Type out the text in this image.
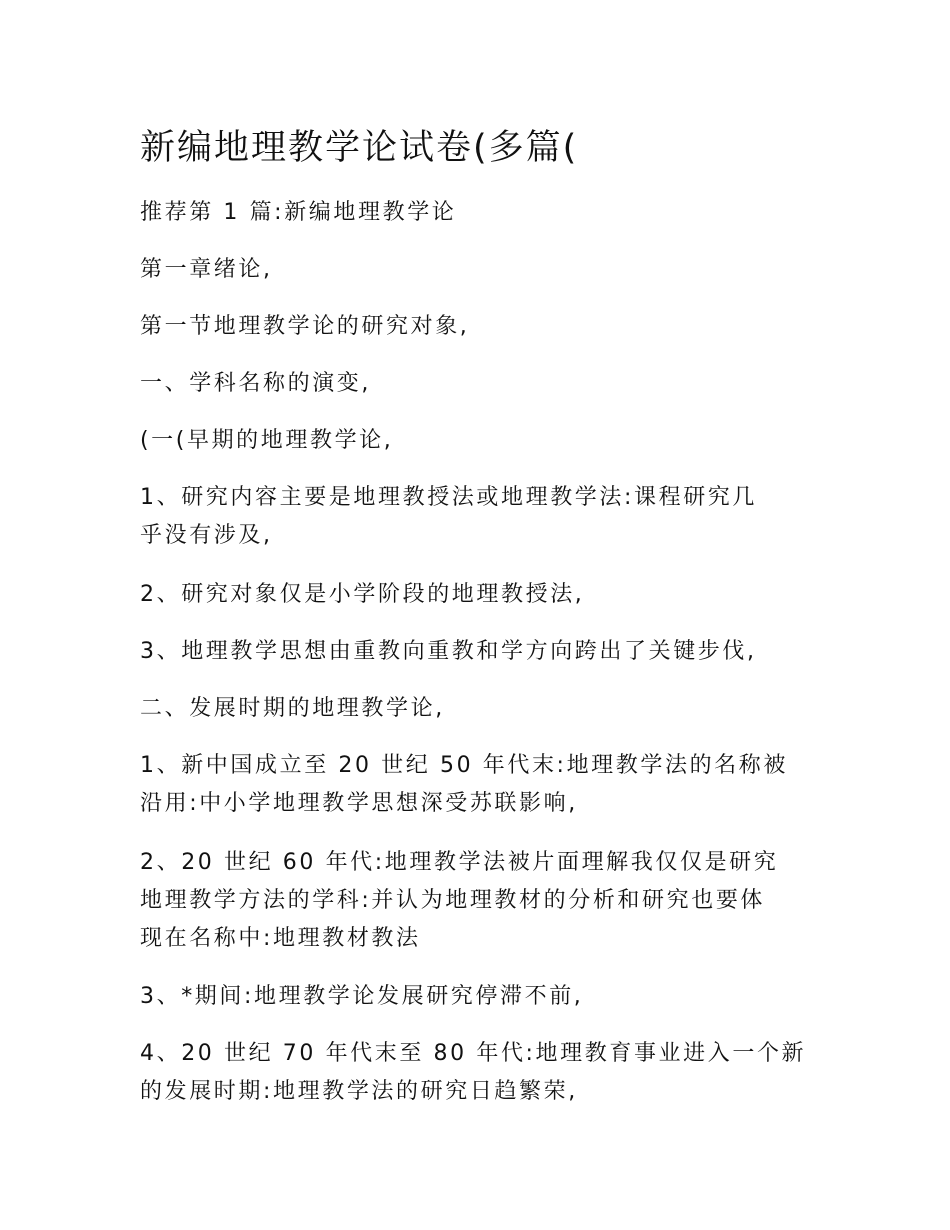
新编地理教学论试卷(多篇(

推荐第 1 篇:新编地理教学论

第一章绪论,

第一节地理教学论的研究对象,

一、学科名称的演变,

(一(早期的地理教学论,

1、研究内容主要是地理教授法或地理教学法:课程研究几
乎没有涉及,

2、研究对象仅是小学阶段的地理教授法,

3、地理教学思想由重教向重教和学方向跨出了关键步伐,

二、发展时期的地理教学论,

1、新中国成立至 20 世纪 50 年代末:地理教学法的名称被
沿用:中小学地理教学思想深受苏联影响,

2、20 世纪 60 年代:地理教学法被片面理解我仅仅是研究
地理教学方法的学科:并认为地理教材的分析和研究也要体
现在名称中:地理教材教法

3、*期间:地理教学论发展研究停滞不前,

4、20 世纪 70 年代末至 80 年代:地理教育事业进入一个新
的发展时期:地理教学法的研究日趋繁荣,
